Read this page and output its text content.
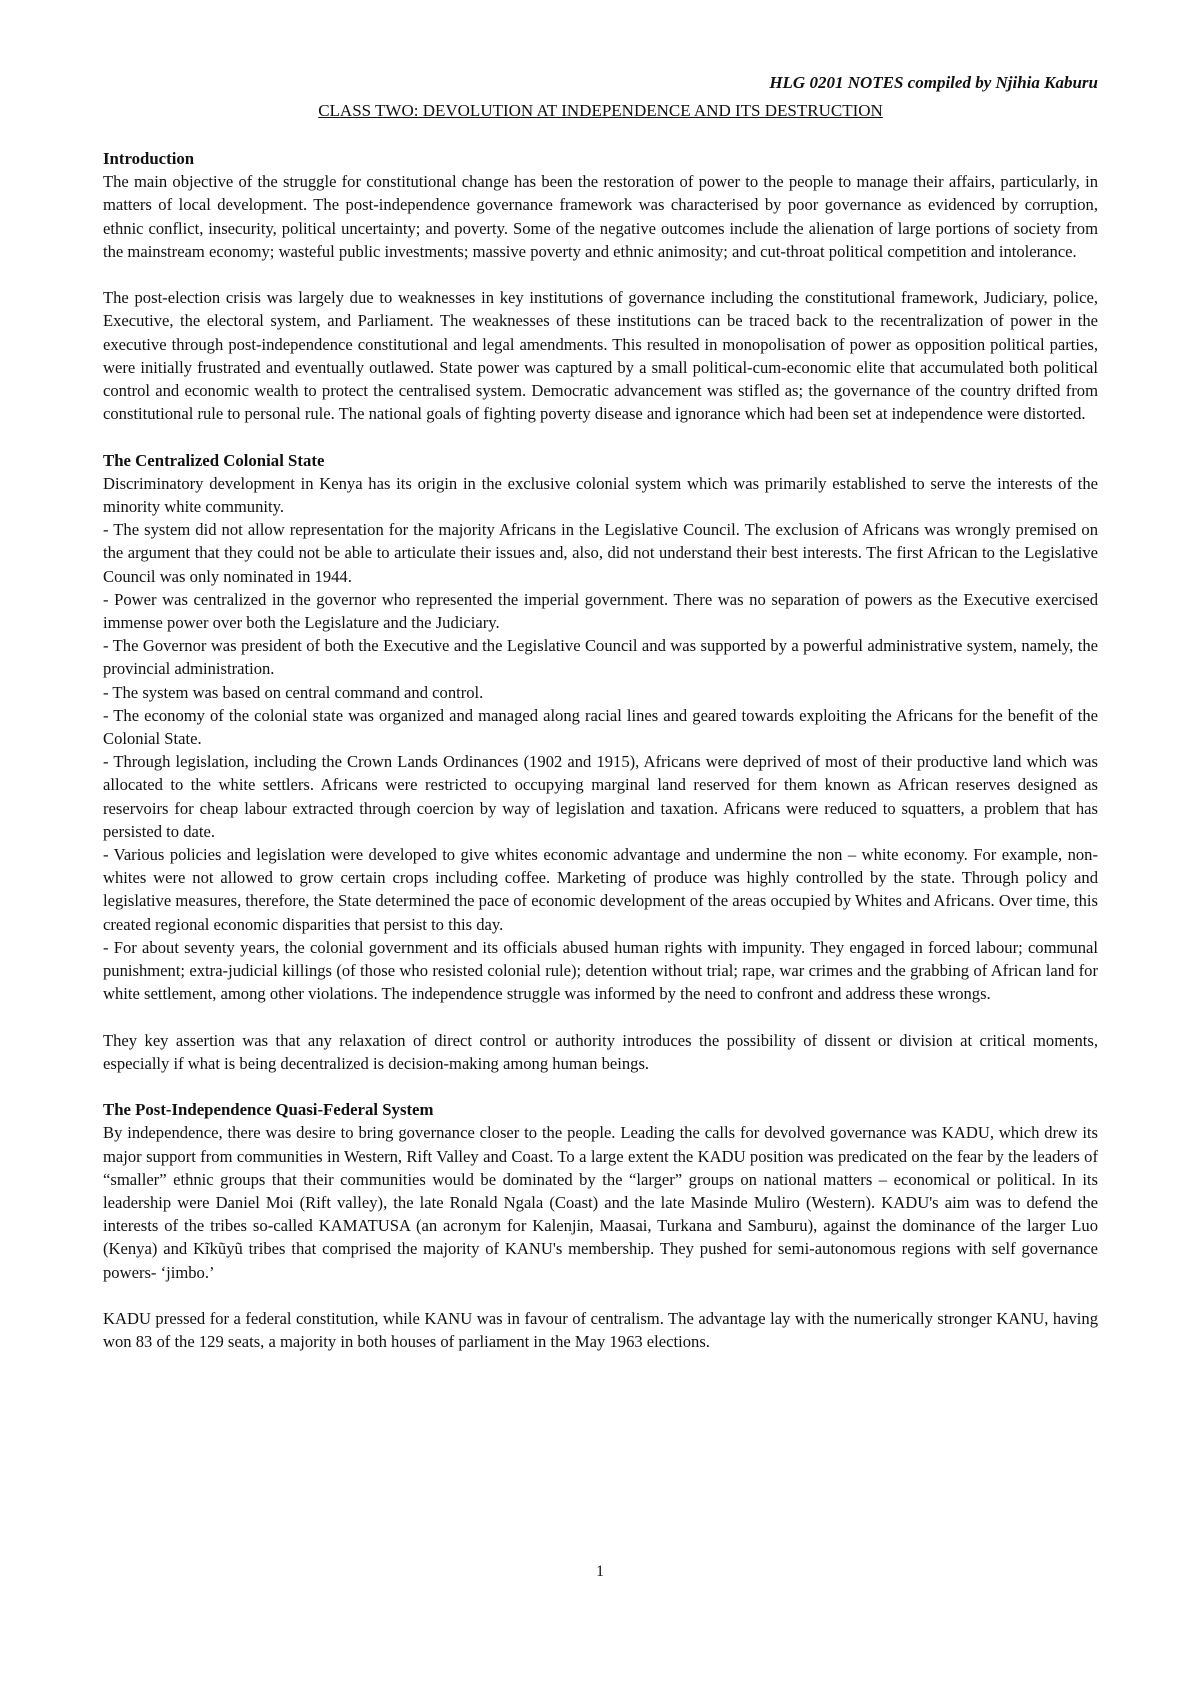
HLG 0201 NOTES compiled by Njihia Kaburu
CLASS TWO: DEVOLUTION AT INDEPENDENCE AND ITS DESTRUCTION
Introduction

The main objective of the struggle for constitutional change has been the restoration of power to the people to manage their affairs, particularly, in matters of local development. The post-independence governance framework was characterised by poor governance as evidenced by corruption, ethnic conflict, insecurity, political uncertainty; and poverty. Some of the negative outcomes include the alienation of large portions of society from the mainstream economy; wasteful public investments; massive poverty and ethnic animosity; and cut-throat political competition and intolerance.

The post-election crisis was largely due to weaknesses in key institutions of governance including the constitutional framework, Judiciary, police, Executive, the electoral system, and Parliament. The weaknesses of these institutions can be traced back to the recentralization of power in the executive through post-independence constitutional and legal amendments. This resulted in monopolisation of power as opposition political parties, were initially frustrated and eventually outlawed. State power was captured by a small political-cum-economic elite that accumulated both political control and economic wealth to protect the centralised system. Democratic advancement was stifled as; the governance of the country drifted from constitutional rule to personal rule. The national goals of fighting poverty disease and ignorance which had been set at independence were distorted.

The Centralized Colonial State

Discriminatory development in Kenya has its origin in the exclusive colonial system which was primarily established to serve the interests of the minority white community.

- The system did not allow representation for the majority Africans in the Legislative Council. The exclusion of Africans was wrongly premised on the argument that they could not be able to articulate their issues and, also, did not understand their best interests. The first African to the Legislative Council was only nominated in 1944.

- Power was centralized in the governor who represented the imperial government. There was no separation of powers as the Executive exercised immense power over both the Legislature and the Judiciary.

- The Governor was president of both the Executive and the Legislative Council and was supported by a powerful administrative system, namely, the provincial administration.

- The system was based on central command and control.

- The economy of the colonial state was organized and managed along racial lines and geared towards exploiting the Africans for the benefit of the Colonial State.

- Through legislation, including the Crown Lands Ordinances (1902 and 1915), Africans were deprived of most of their productive land which was allocated to the white settlers. Africans were restricted to occupying marginal land reserved for them known as African reserves designed as reservoirs for cheap labour extracted through coercion by way of legislation and taxation. Africans were reduced to squatters, a problem that has persisted to date.

- Various policies and legislation were developed to give whites economic advantage and undermine the non – white economy. For example, non-whites were not allowed to grow certain crops including coffee. Marketing of produce was highly controlled by the state. Through policy and legislative measures, therefore, the State determined the pace of economic development of the areas occupied by Whites and Africans. Over time, this created regional economic disparities that persist to this day.

- For about seventy years, the colonial government and its officials abused human rights with impunity. They engaged in forced labour; communal punishment; extra-judicial killings (of those who resisted colonial rule); detention without trial; rape, war crimes and the grabbing of African land for white settlement, among other violations. The independence struggle was informed by the need to confront and address these wrongs.

They key assertion was that any relaxation of direct control or authority introduces the possibility of dissent or division at critical moments, especially if what is being decentralized is decision-making among human beings.

The Post-Independence Quasi-Federal System

By independence, there was desire to bring governance closer to the people. Leading the calls for devolved governance was KADU, which drew its major support from communities in Western, Rift Valley and Coast. To a large extent the KADU position was predicated on the fear by the leaders of “smaller” ethnic groups that their communities would be dominated by the “larger” groups on national matters – economical or political. In its leadership were Daniel Moi (Rift valley), the late Ronald Ngala (Coast) and the late Masinde Muliro (Western). KADU's aim was to defend the interests of the tribes so-called KAMATUSA (an acronym for Kalenjin, Maasai, Turkana and Samburu), against the dominance of the larger Luo (Kenya) and Kĩkũyũ tribes that comprised the majority of KANU's membership. They pushed for semi-autonomous regions with self governance powers- ‘jimbo.’

KADU pressed for a federal constitution, while KANU was in favour of centralism. The advantage lay with the numerically stronger KANU, having won 83 of the 129 seats, a majority in both houses of parliament in the May 1963 elections.

1
